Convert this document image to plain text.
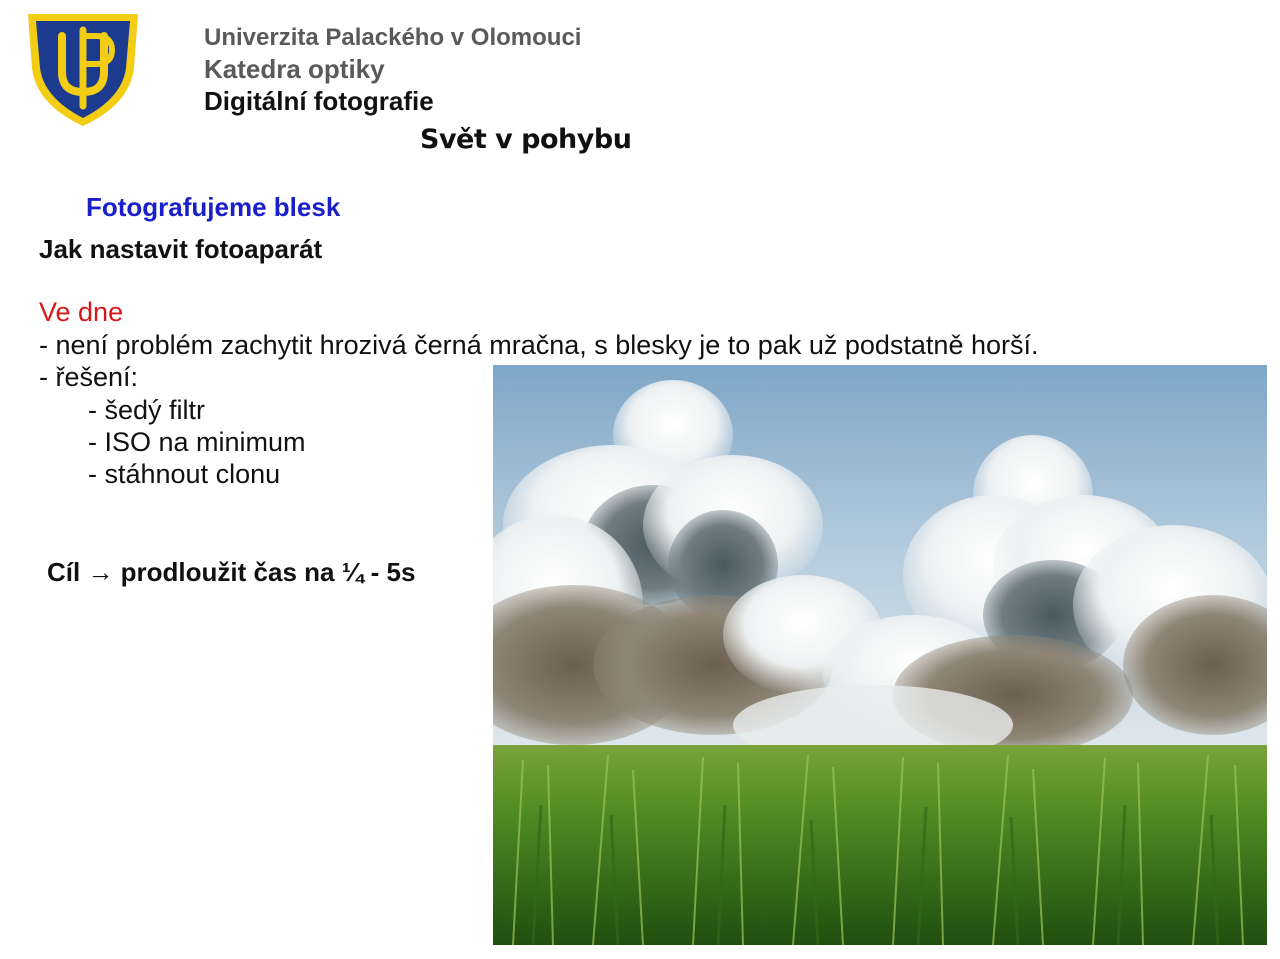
Univerzita Palackého v Olomouci
Katedra optiky
Digitální fotografie
Svět v pohybu
Fotografujeme blesk
Jak nastavit fotoaparát
Ve dne
- není problém zachytit hrozivá černá mračna, s blesky je to pak už podstatně horší.
- řešení:
- šedý filtr
- ISO na minimum
- stáhnout clonu
Cíl → prodloužit čas na ¼ - 5s
